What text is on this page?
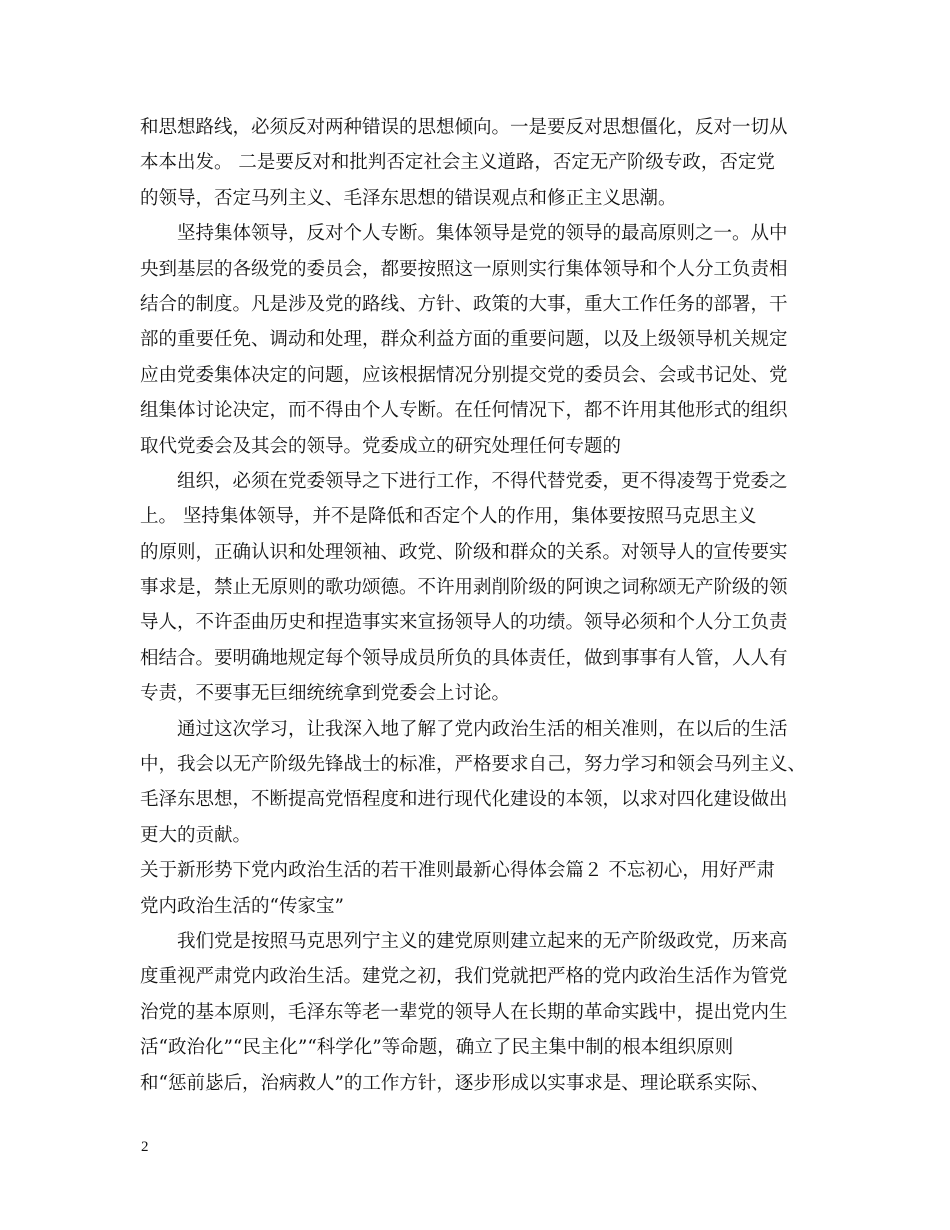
和思想路线，必须反对两种错误的思想倾向。一是要反对思想僵化，反对一切从
本本出发。 二是要反对和批判否定社会主义道路，否定无产阶级专政，否定党
的领导，否定马列主义、毛泽东思想的错误观点和修正主义思潮。
坚持集体领导，反对个人专断。集体领导是党的领导的最高原则之一。从中
央到基层的各级党的委员会，都要按照这一原则实行集体领导和个人分工负责相
结合的制度。凡是涉及党的路线、方针、政策的大事，重大工作任务的部署，干
部的重要任免、调动和处理，群众利益方面的重要问题，以及上级领导机关规定
应由党委集体决定的问题，应该根据情况分别提交党的委员会、会或书记处、党
组集体讨论决定，而不得由个人专断。在任何情况下，都不许用其他形式的组织
取代党委会及其会的领导。党委成立的研究处理任何专题的
组织，必须在党委领导之下进行工作，不得代替党委，更不得凌驾于党委之
上。 坚持集体领导，并不是降低和否定个人的作用，集体要按照马克思主义
的原则，正确认识和处理领袖、政党、阶级和群众的关系。对领导人的宣传要实
事求是，禁止无原则的歌功颂德。不许用剥削阶级的阿谀之词称颂无产阶级的领
导人，不许歪曲历史和捏造事实来宣扬领导人的功绩。领导必须和个人分工负责
相结合。要明确地规定每个领导成员所负的具体责任，做到事事有人管，人人有
专责，不要事无巨细统统拿到党委会上讨论。
通过这次学习，让我深入地了解了党内政治生活的相关准则，在以后的生活
中，我会以无产阶级先锋战士的标准，严格要求自己，努力学习和领会马列主义、
毛泽东思想，不断提高党悟程度和进行现代化建设的本领，以求对四化建设做出
更大的贡献。
关于新形势下党内政治生活的若干准则最新心得体会篇２ 不忘初心，用好严肃
党内政治生活的“传家宝”
我们党是按照马克思列宁主义的建党原则建立起来的无产阶级政党，历来高
度重视严肃党内政治生活。建党之初，我们党就把严格的党内政治生活作为管党
治党的基本原则，毛泽东等老一辈党的领导人在长期的革命实践中，提出党内生
活“政治化”“民主化”“科学化”等命题，确立了民主集中制的根本组织原则
和“惩前毖后，治病救人”的工作方针，逐步形成以实事求是、理论联系实际、
2
